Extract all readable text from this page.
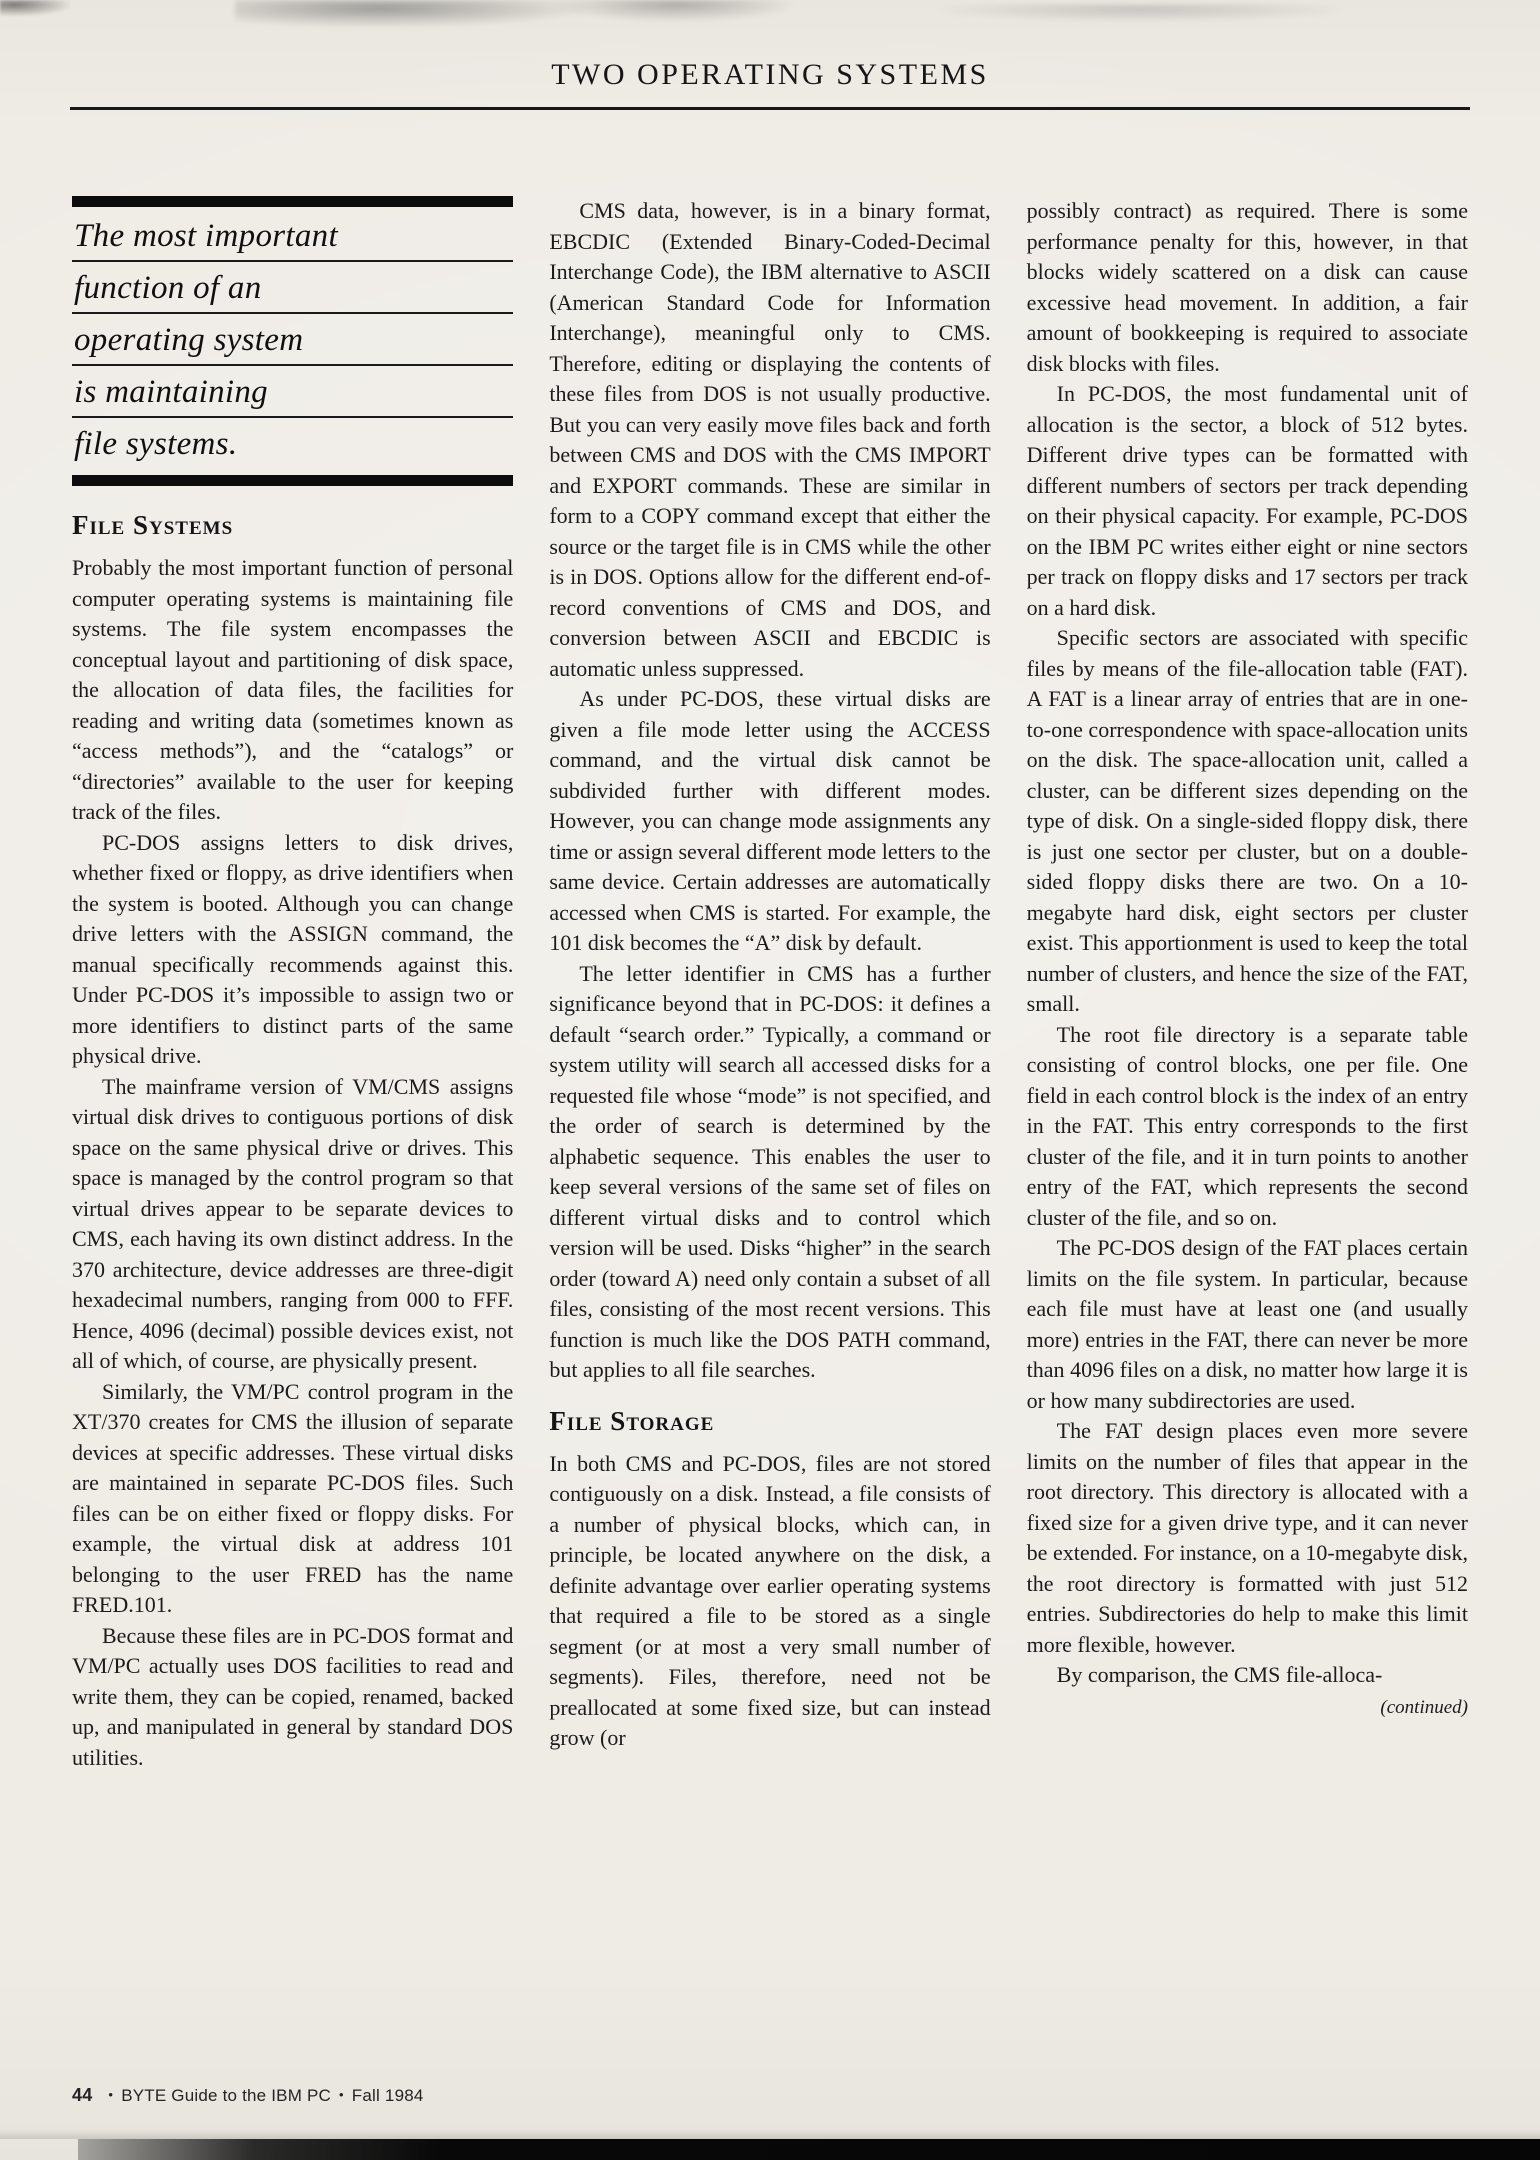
TWO OPERATING SYSTEMS
The most important
function of an
operating system
is maintaining
file systems.
File Systems

Probably the most important function of personal computer operating systems is maintaining file systems. The file system encompasses the conceptual layout and partitioning of disk space, the allocation of data files, the facilities for reading and writing data (sometimes known as “access methods”), and the “catalogs” or “directories” available to the user for keeping track of the files.

PC-DOS assigns letters to disk drives, whether fixed or floppy, as drive identifiers when the system is booted. Although you can change drive letters with the ASSIGN command, the manual specifically recommends against this. Under PC-DOS it’s impossible to assign two or more identifiers to distinct parts of the same physical drive.

The mainframe version of VM/CMS assigns virtual disk drives to contiguous portions of disk space on the same physical drive or drives. This space is managed by the control program so that virtual drives appear to be separate devices to CMS, each having its own distinct address. In the 370 architecture, device addresses are three-digit hexadecimal numbers, ranging from 000 to FFF. Hence, 4096 (decimal) possible devices exist, not all of which, of course, are physically present.

Similarly, the VM/PC control program in the XT/370 creates for CMS the illusion of separate devices at specific addresses. These virtual disks are maintained in separate PC-DOS files. Such files can be on either fixed or floppy disks. For example, the virtual disk at address 101 belonging to the user FRED has the name FRED.101.

Because these files are in PC-DOS format and VM/PC actually uses DOS facilities to read and write them, they can be copied, renamed, backed up, and manipulated in general by standard DOS utilities.

CMS data, however, is in a binary format, EBCDIC (Extended Binary-Coded-Decimal Interchange Code), the IBM alternative to ASCII (American Standard Code for Information Interchange), meaningful only to CMS. Therefore, editing or displaying the contents of these files from DOS is not usually productive. But you can very easily move files back and forth between CMS and DOS with the CMS IMPORT and EXPORT commands. These are similar in form to a COPY command except that either the source or the target file is in CMS while the other is in DOS. Options allow for the different end-of-record conventions of CMS and DOS, and conversion between ASCII and EBCDIC is automatic unless suppressed.

As under PC-DOS, these virtual disks are given a file mode letter using the ACCESS command, and the virtual disk cannot be subdivided further with different modes. However, you can change mode assignments any time or assign several different mode letters to the same device. Certain addresses are automatically accessed when CMS is started. For example, the 101 disk becomes the “A” disk by default.

The letter identifier in CMS has a further significance beyond that in PC-DOS: it defines a default “search order.” Typically, a command or system utility will search all accessed disks for a requested file whose “mode” is not specified, and the order of search is determined by the alphabetic sequence. This enables the user to keep several versions of the same set of files on different virtual disks and to control which version will be used. Disks “higher” in the search order (toward A) need only contain a subset of all files, consisting of the most recent versions. This function is much like the DOS PATH command, but applies to all file searches.

File Storage

In both CMS and PC-DOS, files are not stored contiguously on a disk. Instead, a file consists of a number of physical blocks, which can, in principle, be located anywhere on the disk, a definite advantage over earlier operating systems that required a file to be stored as a single segment (or at most a very small number of segments). Files, therefore, need not be preallocated at some fixed size, but can instead grow (or

possibly contract) as required. There is some performance penalty for this, however, in that blocks widely scattered on a disk can cause excessive head movement. In addition, a fair amount of bookkeeping is required to associate disk blocks with files.

In PC-DOS, the most fundamental unit of allocation is the sector, a block of 512 bytes. Different drive types can be formatted with different numbers of sectors per track depending on their physical capacity. For example, PC-DOS on the IBM PC writes either eight or nine sectors per track on floppy disks and 17 sectors per track on a hard disk.

Specific sectors are associated with specific files by means of the file-allocation table (FAT). A FAT is a linear array of entries that are in one-to-one correspondence with space-allocation units on the disk. The space-allocation unit, called a cluster, can be different sizes depending on the type of disk. On a single-sided floppy disk, there is just one sector per cluster, but on a double-sided floppy disks there are two. On a 10-megabyte hard disk, eight sectors per cluster exist. This apportionment is used to keep the total number of clusters, and hence the size of the FAT, small.

The root file directory is a separate table consisting of control blocks, one per file. One field in each control block is the index of an entry in the FAT. This entry corresponds to the first cluster of the file, and it in turn points to another entry of the FAT, which represents the second cluster of the file, and so on.

The PC-DOS design of the FAT places certain limits on the file system. In particular, because each file must have at least one (and usually more) entries in the FAT, there can never be more than 4096 files on a disk, no matter how large it is or how many subdirectories are used.

The FAT design places even more severe limits on the number of files that appear in the root directory. This directory is allocated with a fixed size for a given drive type, and it can never be extended. For instance, on a 10-megabyte disk, the root directory is formatted with just 512 entries. Subdirectories do help to make this limit more flexible, however.

By comparison, the CMS file-alloca-

(continued)

44 • BYTE Guide to the IBM PC • Fall 1984
